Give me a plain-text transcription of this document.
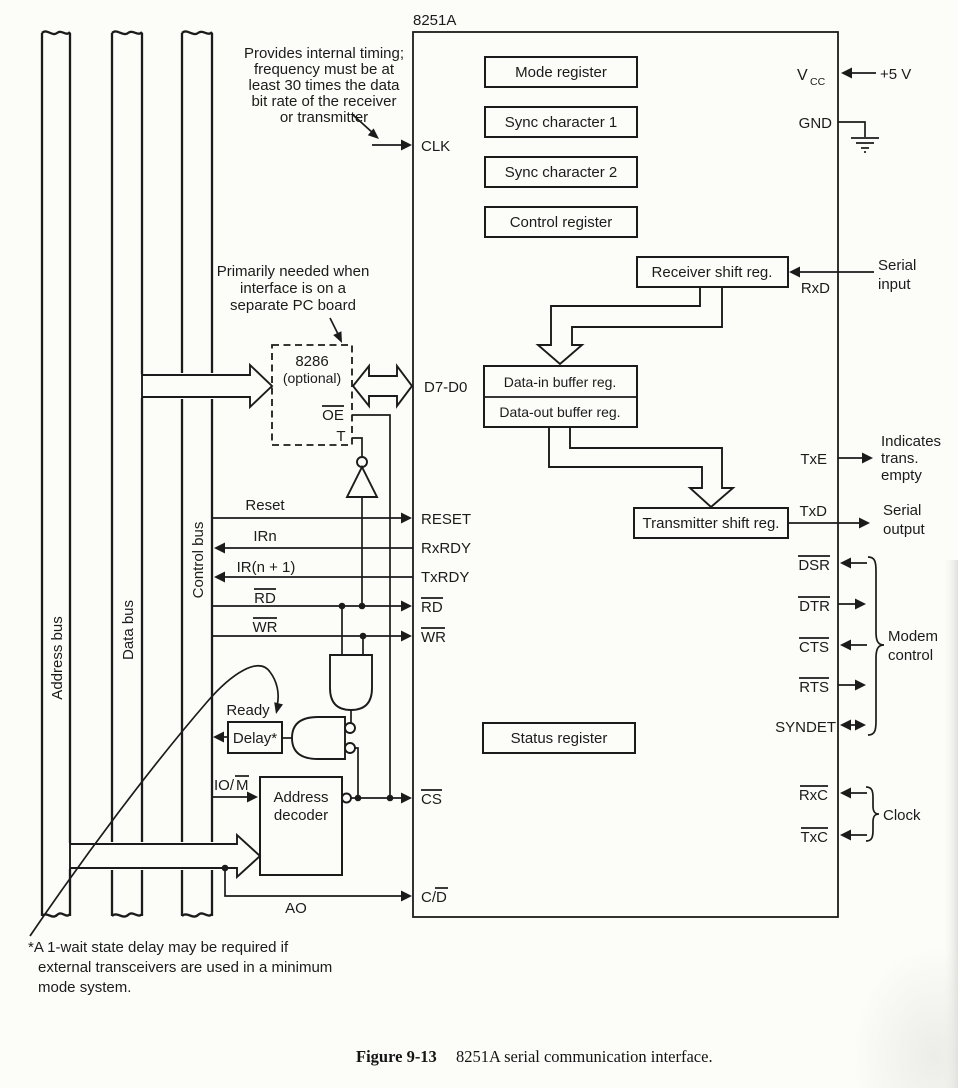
Address bus	Data bus
Control bus
8251A
Mode register
Sync character 1
Sync character 2
Control register
Receiver shift reg.
Data-in buffer reg.
Data-out buffer reg.
Transmitter shift reg.
Status register
8286
(optional)
OE
T
Reset
IRn
IR(n + 1)
RD
WR
Ready
Delay*
IO/ M
Address
decoder
AO
CLK
D7-D0
RESET
RxRDY
TxRDY
RD
WR
CS
C/ D
V CC	+5 V
GND
RxD
Serial
input
TxE
Indicates
trans.
empty
TxD	Serial
output
DSR
DTR
CTS
RTS
SYNDET
Modem
control
RxC
TxC
Clock
Provides internal timing;
frequency must be at
least 30 times the data
bit rate of the receiver
or transmitter
Primarily needed when
interface is on a
separate PC board
*A 1-wait state delay may be required if
external transceivers are used in a minimum
mode system.
Figure 9-13 8251A serial communication interface.
